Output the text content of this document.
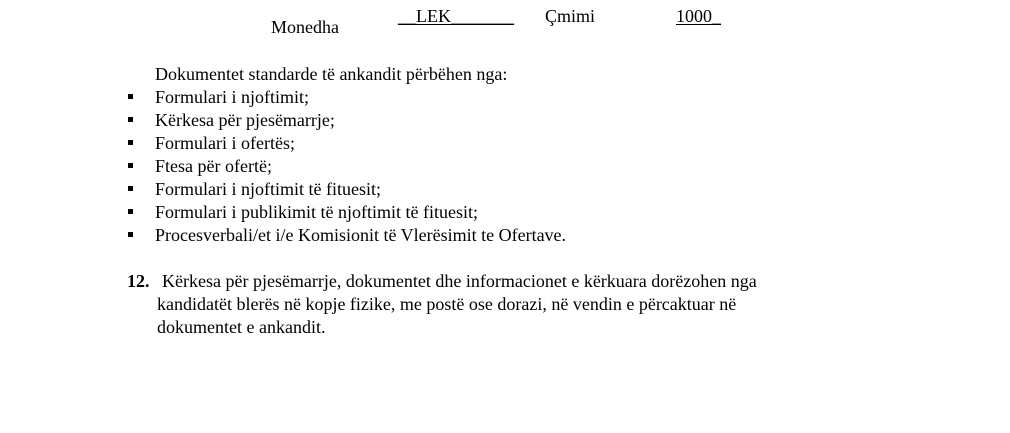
Monedha
__LEK_______ Çmimi	1000_
Dokumentet standarde të ankandit përbëhen nga:
Formulari i njoftimit;
Kërkesa për pjesëmarrje;
Formulari i ofertës;
Ftesa për ofertë;
Formulari i njoftimit të fituesit;
Formulari i publikimit të njoftimit të fituesit;
Procesverbali/et i/e Komisionit të Vlerësimit te Ofertave.
12. Kërkesa për pjesëmarrje, dokumentet dhe informacionet e kërkuara dorëzohen nga
kandidatët blerës në kopje fizike, me postë ose dorazi, në vendin e përcaktuar në
dokumentet e ankandit.
